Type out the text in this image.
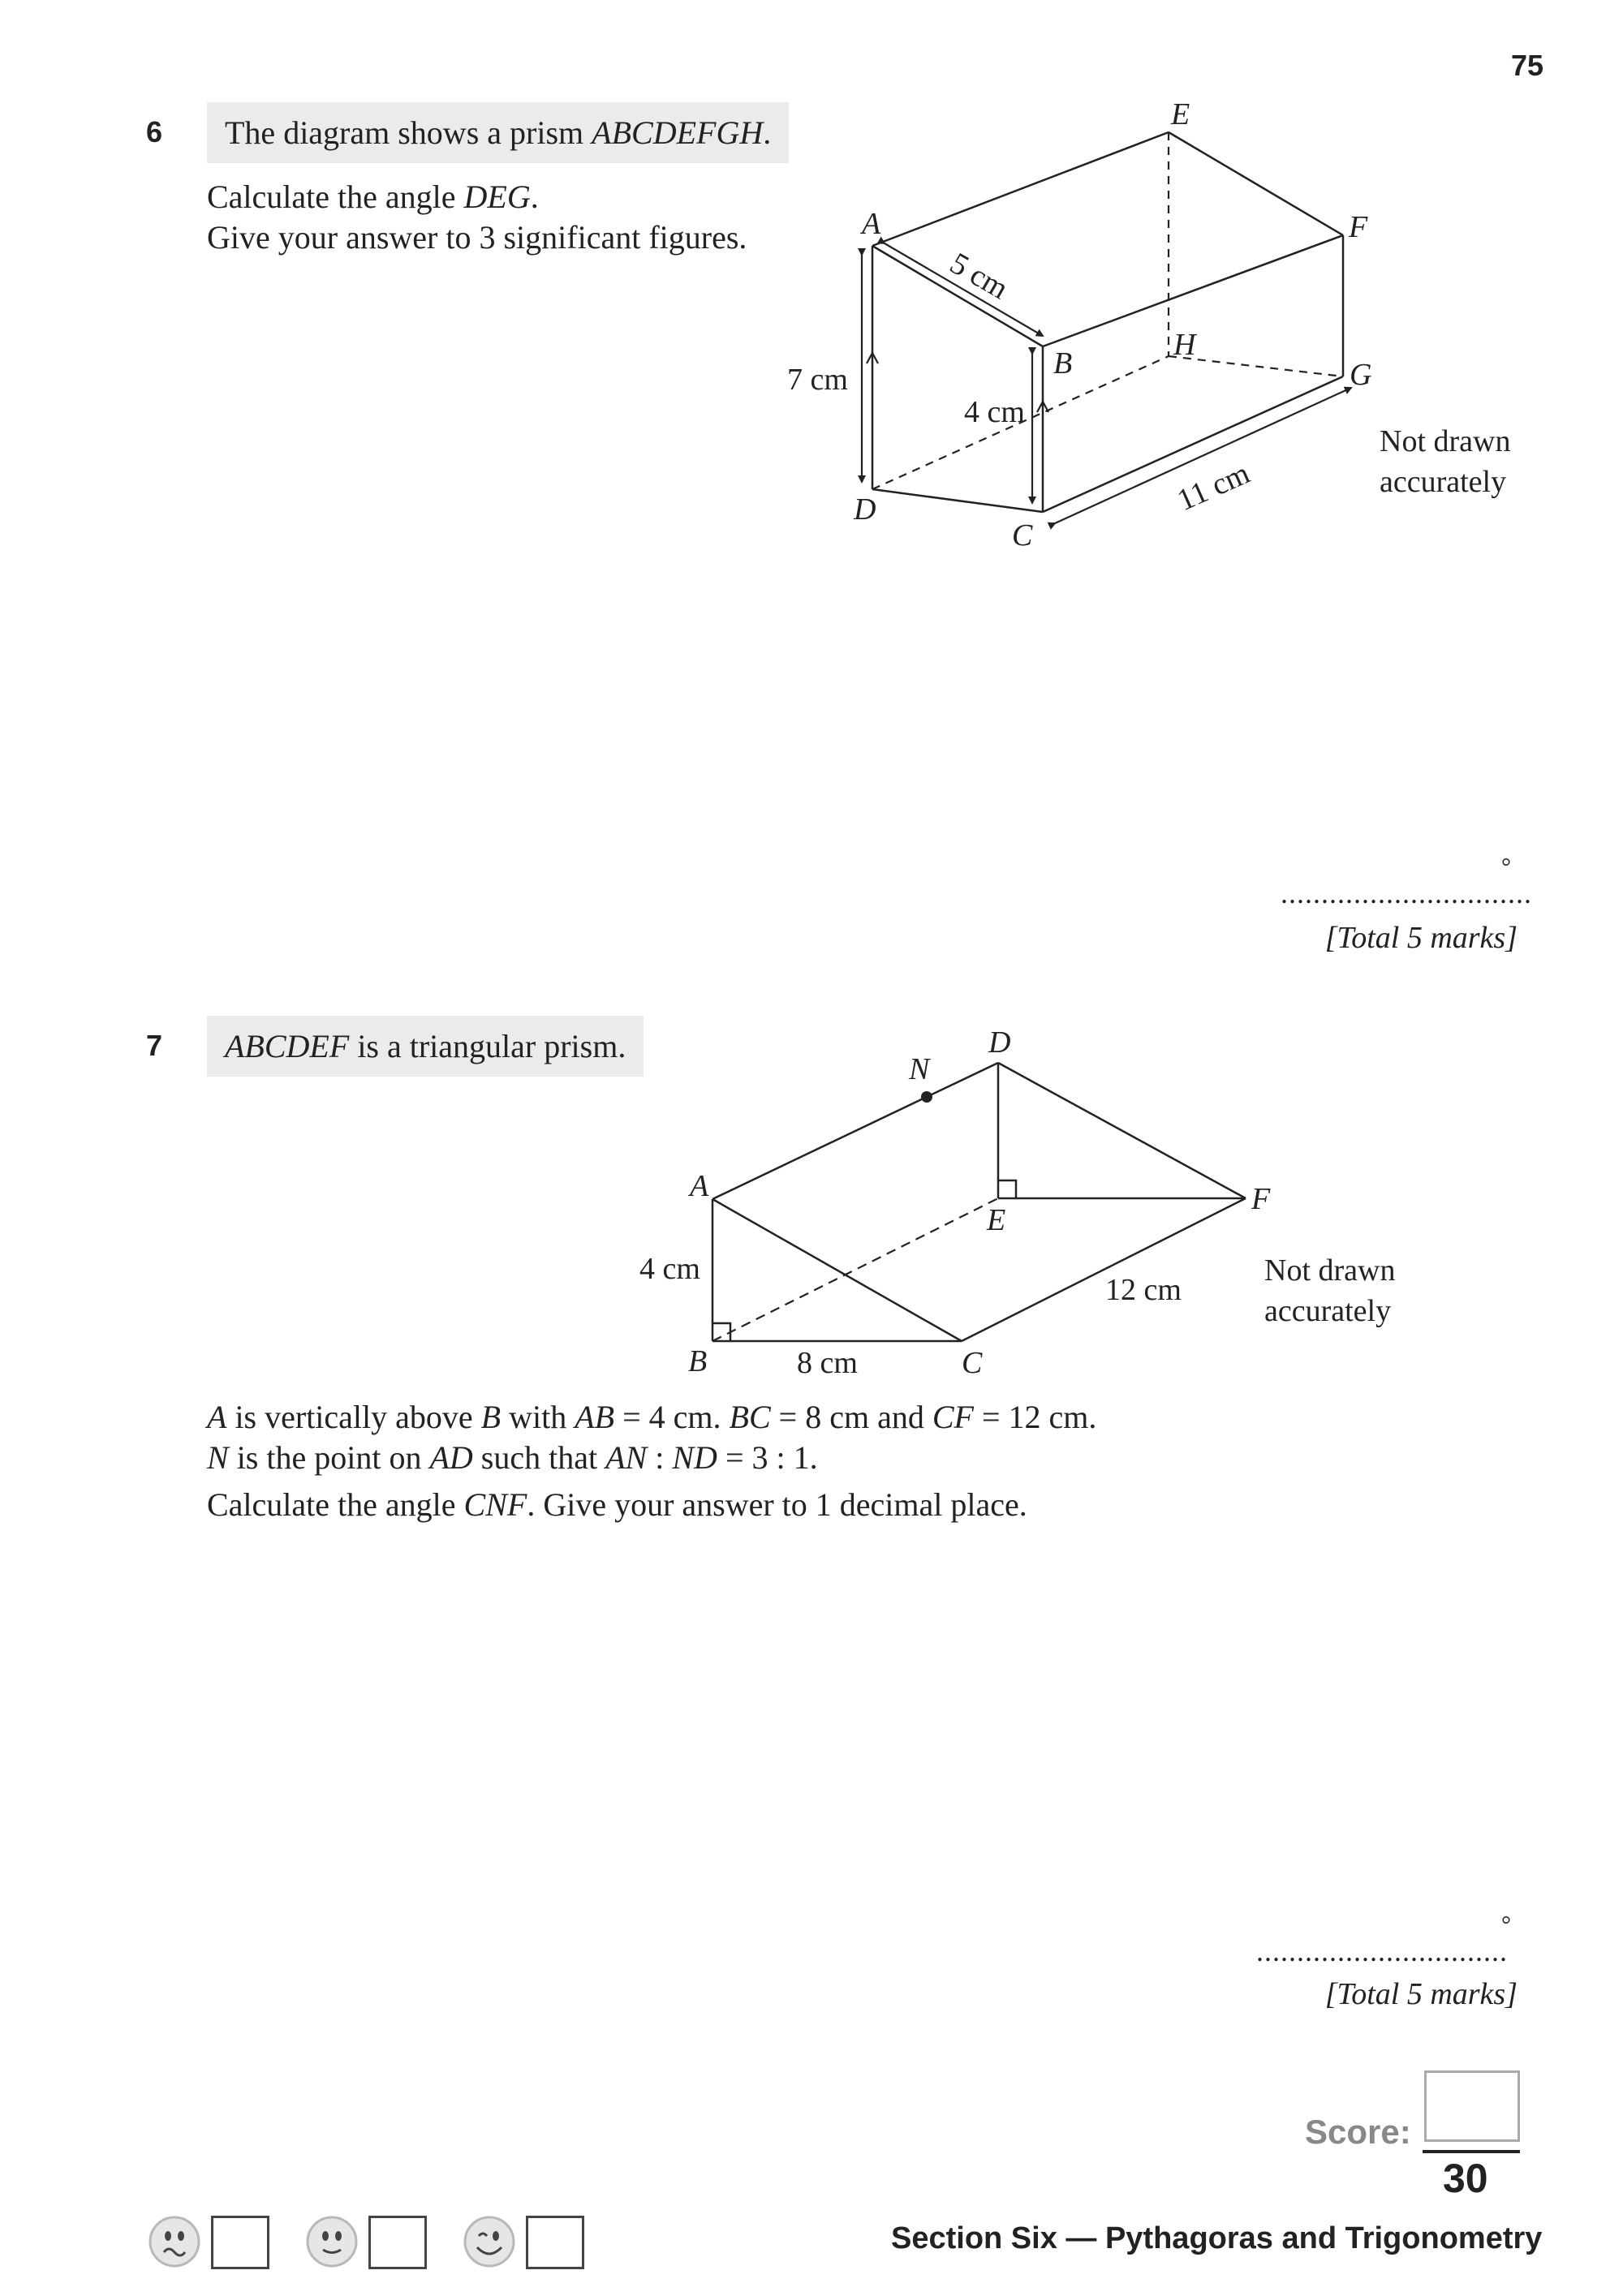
75
6	The diagram shows a prism ABCDEFGH.
Calculate the angle DEG.
Give your answer to 3 significant figures.	A
B
C
D
E
F
G
H
5 cm
7 cm
4 cm
11 cm
Not drawn
accurately
...............................
°
[Total 5 marks]
7	ABCDEF is a triangular prism.
A
B	C
D
E
F
N
4 cm
8 cm
12 cm
Not drawn
accurately
A is vertically above B with AB = 4 cm. BC = 8 cm and CF = 12 cm.
N is the point on AD such that AN : ND = 3 : 1.
Calculate the angle CNF. Give your answer to 1 decimal place.
...............................
°
[Total 5 marks]
Score:
30
Section Six — Pythagoras and Trigonometry
